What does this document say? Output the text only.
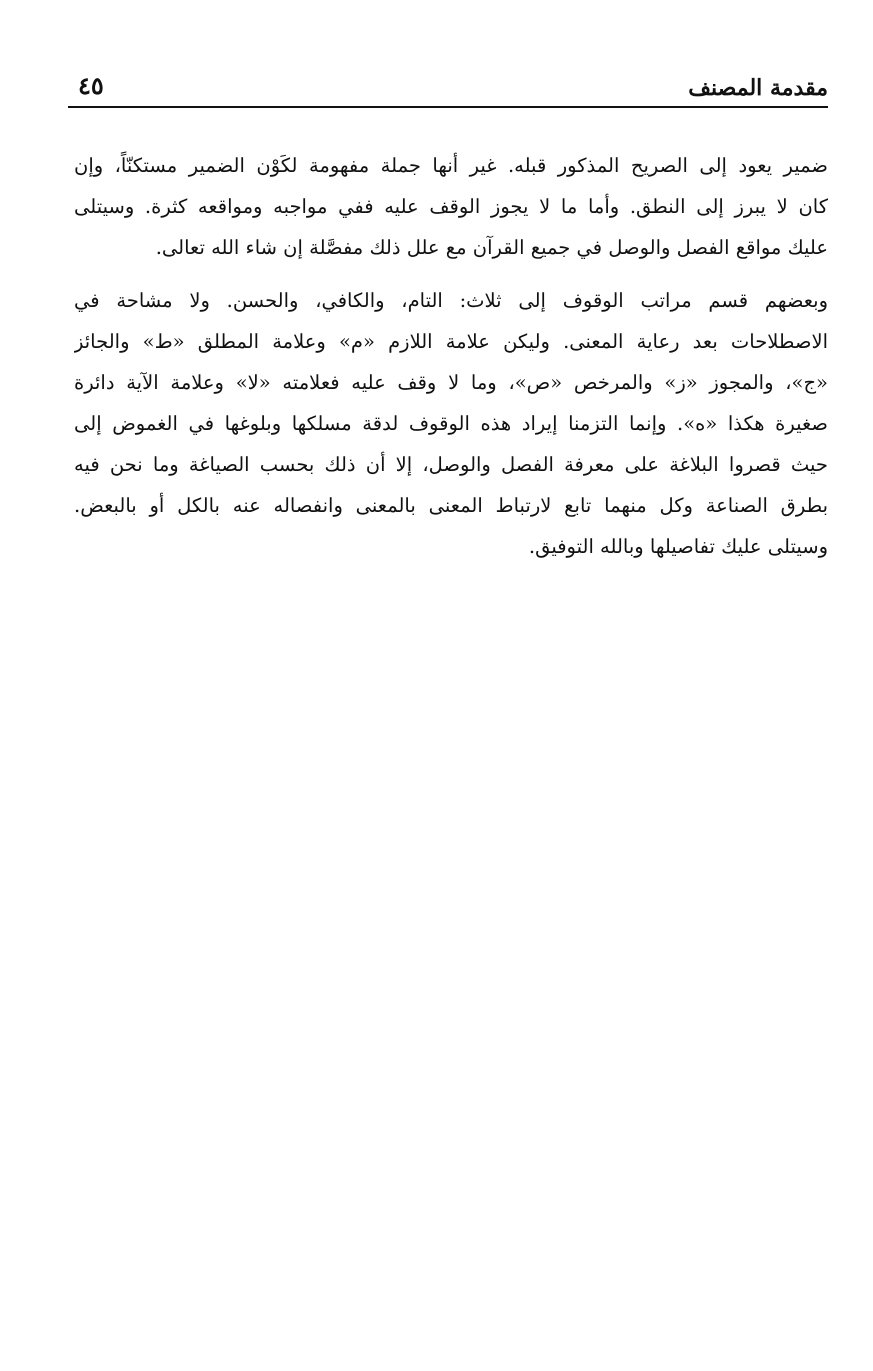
مقدمة المصنف
٤٥
ضمير يعود إلى الصريح المذكور قبله. غير أنها جملة مفهومة لكَوْن الضمير مستكنّاً، وإن
كان لا يبرز إلى النطق. وأما ما لا يجوز الوقف عليه ففي مواجبه ومواقعه كثرة. وسيتلى
عليك مواقع الفصل والوصل في جميع القرآن مع علل ذلك مفصَّلة إن شاء الله تعالى.
وبعضهم قسم مراتب الوقوف إلى ثلاث: التام، والكافي، والحسن. ولا مشاحة في
الاصطلاحات بعد رعاية المعنى. وليكن علامة اللازم «م» وعلامة المطلق «ط» والجائز
«ج»، والمجوز «ز» والمرخص «ص»، وما لا وقف عليه فعلامته «لا» وعلامة الآية دائرة
صغيرة هكذا «ه». وإنما التزمنا إيراد هذه الوقوف لدقة مسلكها وبلوغها في الغموض إلى
حيث قصروا البلاغة على معرفة الفصل والوصل، إلا أن ذلك بحسب الصياغة وما نحن فيه
بطرق الصناعة وكل منهما تابع لارتباط المعنى بالمعنى وانفصاله عنه بالكل أو بالبعض.
وسيتلى عليك تفاصيلها وبالله التوفيق.
